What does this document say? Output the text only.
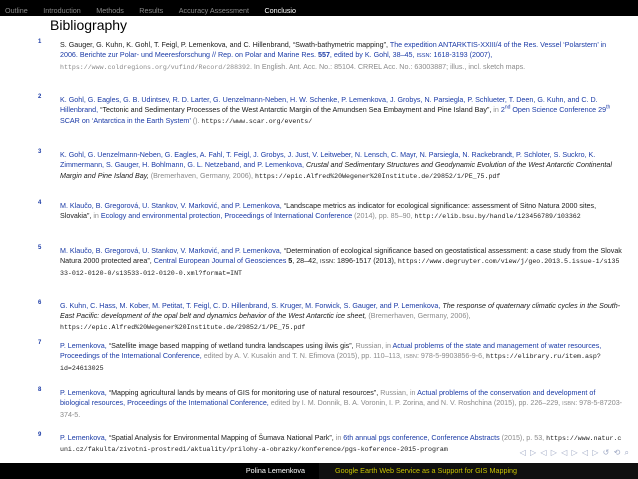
Outline Introduction Methods Results Accuracy Assessment Conclusio
Bibliography
1	S. Gauger, G. Kuhn, K. Gohl, T. Feigl, P. Lemenkova, and C. Hillenbrand, “Swath-bathymetric mapping”, The expedition ANTARKTIS-XXIII/4 of the Res. Vessel ‘Polarstern’ in 2006. Berichte zur Polar- und Meeresforschung // Rep. on Polar and Marine Res. 557, edited by K. Gohl, 38–45, ISSN: 1618-3193 (2007), https://www.coldregions.org/vufind/Record/288392. In English. Ant. Acc. No.: 85104. CRREL Acc. No.: 63003887; illus., incl. sketch maps.
2	K. Gohl, G. Eagles, G. B. Udintsev, R. D. Larter, G. Uenzelmann-Neben, H. W. Schenke, P. Lemenkova, J. Grobys, N. Parsiegla, P. Schlueter, T. Deen, G. Kuhn, and C. D. Hillenbrand, “Tectonic and Sedimentary Processes of the West Antarctic Margin of the Amundsen Sea Embayment and Pine Island Bay”, in 2nd Open Science Conference 29th SCAR on ‘Antarctica in the Earth System’ (). https://www.scar.org/events/
3	K. Gohl, G. Uenzelmann-Neben, G. Eagles, A. Fahl, T. Feigl, J. Grobys, J. Just, V. Leitweber, N. Lensch, C. Mayr, N. Parsiegla, N. Rackebrandt, P. Schloter, S. Suckro, K. Zimmermann, S. Gauger, H. Bohlmann, G. L. Netzeband, and P. Lemenkova, Crustal and Sedimentary Structures and Geodynamic Evolution of the West Antarctic Continental Margin and Pine Island Bay, (Bremerhaven, Germany, 2006), https://epic.Alfred%20Wegener%20Institute.de/29852/1/PE_75.pdf
4	M. Klaučo, B. Gregorová, U. Stankov, V. Marković, and P. Lemenkova, “Landscape metrics as indicator for ecological significance: assessment of Sitno Natura 2000 sites, Slovakia”, in Ecology and environmental protection, Proceedings of International Conference (2014), pp. 85–90, http://elib.bsu.by/handle/123456789/103362
5	M. Klaučo, B. Gregorová, U. Stankov, V. Marković, and P. Lemenkova, “Determination of ecological significance based on geostatistical assessment: a case study from the Slovak Natura 2000 protected area”, Central European Journal of Geosciences 5, 28–42, ISSN: 1896-1517 (2013), https://www.degruyter.com/view/j/geo.2013.5.issue-1/s13533-012-0120-0/s13533-012-0120-0.xml?format=INT
6	G. Kuhn, C. Hass, M. Kober, M. Petitat, T. Feigl, C. D. Hillenbrand, S. Kruger, M. Forwick, S. Gauger, and P. Lemenkova, The response of quaternary climatic cycles in the South-East Pacific: development of the opal belt and dynamics behavior of the West Antarctic ice sheet, (Bremerhaven, Germany, 2006), https://epic.Alfred%20Wegener%20Institute.de/29852/1/PE_75.pdf
7	P. Lemenkova, “Satellite image based mapping of wetland tundra landscapes using ilwis gis”, Russian, in Actual problems of the state and management of water resources, Proceedings of the International Conference, edited by A. V. Kusakin and T. N. Efimova (2015), pp. 110–113, ISBN: 978-5-9903856-9-6, https://elibrary.ru/item.asp?id=24613025
8	P. Lemenkova, “Mapping agricultural lands by means of GIS for monitoring use of natural resources”, Russian, in Actual problems of the conservation and development of biological resources, Proceedings of the International Conference, edited by I. M. Donnik, B. A. Voronin, I. P. Zorina, and N. V. Roshchina (2015), pp. 226–229, ISBN: 978-5-87203-374-5.
9	P. Lemenkova, “Spatial Analysis for Environmental Mapping of Šumava National Park”, in 6th annual pgs conference, Conference Abstracts (2015), p. 53, https://www.natur.cuni.cz/fakulta/zivotni-prostredi/aktuality/prilohy-a-obrazky/konference/pgs-koference-2015-program	◁ ▷ ◁ ▷ ◁ ▷ ◁ ▷ ↺ ⟲ ⌕
Polina Lemenkova	Google Earth Web Service as a Support for GIS Mapping
